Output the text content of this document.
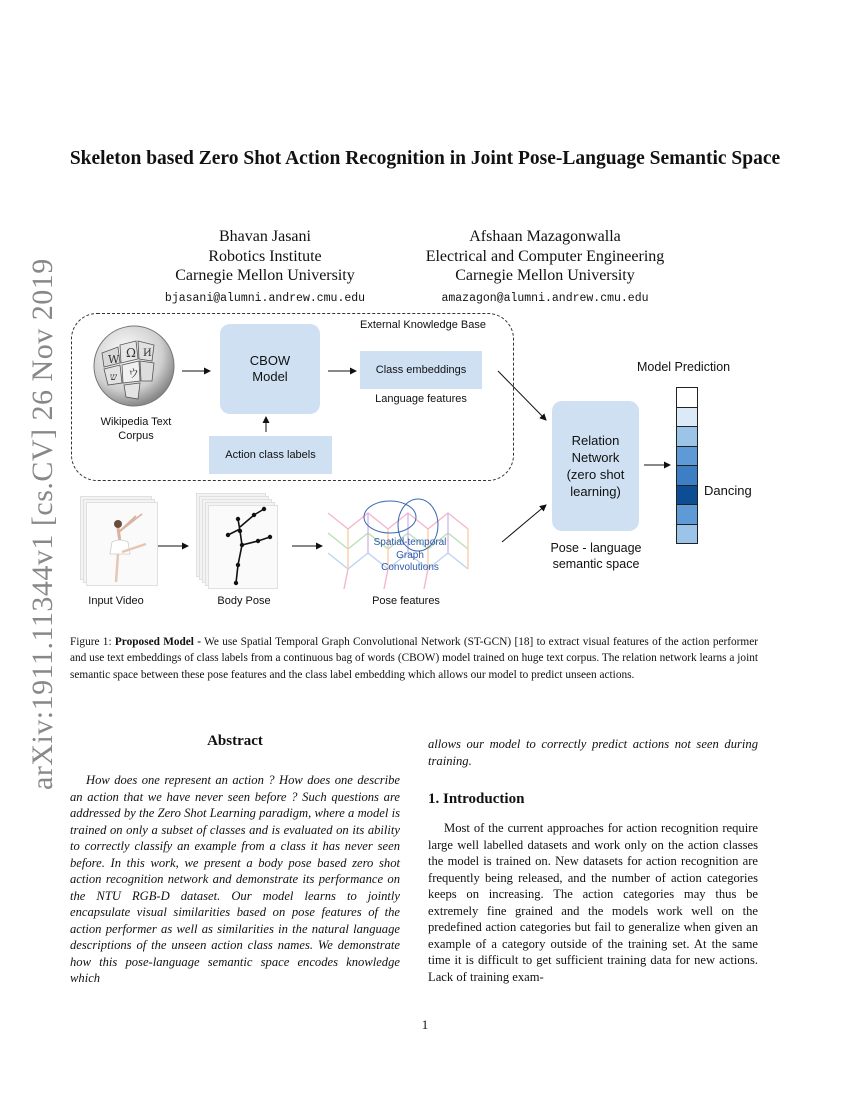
arXiv:1911.11344v1 [cs.CV] 26 Nov 2019
Skeleton based Zero Shot Action Recognition in Joint Pose-Language Semantic Space
Bhavan Jasani
Robotics Institute
Carnegie Mellon University
bjasani@alumni.andrew.cmu.edu
Afshaan Mazagonwalla
Electrical and Computer Engineering
Carnegie Mellon University
amazagon@alumni.andrew.cmu.edu
External Knowledge Base
W Ω И
ウ
ש
Wikipedia Text
Corpus
CBOW
Model	Class embeddings
Language features
Action class labels
Relation Network (zero shot learning)
Pose - language
semantic space
Model Prediction
Dancing
Input Video	Body Pose
Spatial-temporal
Graph
Convolutions
Pose features
Figure 1: Proposed Model - We use Spatial Temporal Graph Convolutional Network (ST-GCN) [18] to extract visual features of the action performer and use text embeddings of class labels from a continuous bag of words (CBOW) model trained on huge text corpus. The relation network learns a joint semantic space between these pose features and the class label embedding which allows our model to predict unseen actions.
Abstract
How does one represent an action ? How does one describe an action that we have never seen before ? Such questions are addressed by the Zero Shot Learning paradigm, where a model is trained on only a subset of classes and is evaluated on its ability to correctly classify an example from a class it has never seen before. In this work, we present a body pose based zero shot action recognition network and demonstrate its performance on the NTU RGB-D dataset. Our model learns to jointly encapsulate visual similarities based on pose features of the action performer as well as similarities in the natural language descriptions of the unseen action class names. We demonstrate how this pose-language semantic space encodes knowledge which
allows our model to correctly predict actions not seen during training.
1. Introduction
Most of the current approaches for action recognition require large well labelled datasets and work only on the action classes the model is trained on. New datasets for action recognition are frequently being released, and the number of action categories keeps on increasing. The action categories may thus be extremely fine grained and the models work well on the predefined action categories but fail to generalize when given an example of a category outside of the training set. At the same time it is difficult to get sufficient training data for new actions. Lack of training exam-
1
